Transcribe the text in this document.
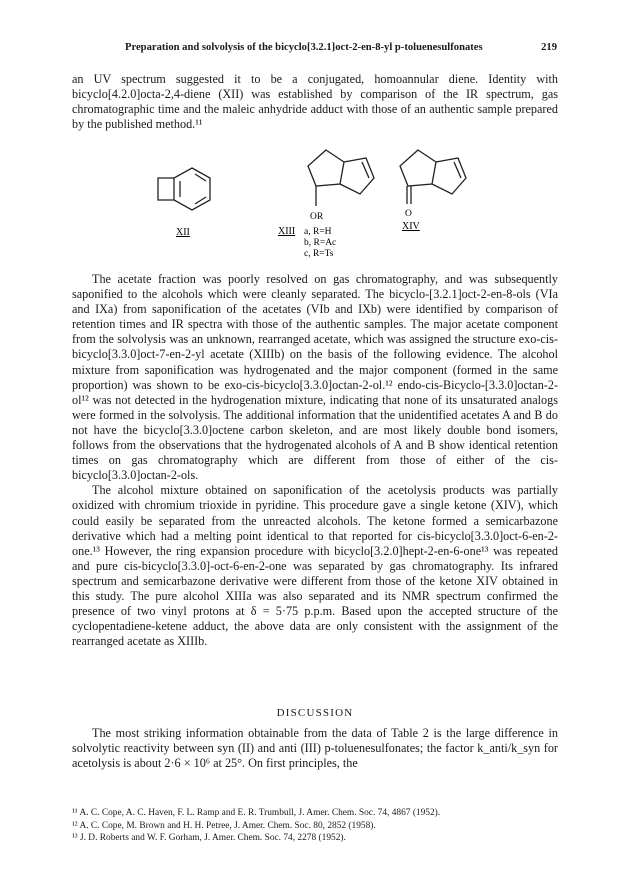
Preparation and solvolysis of the bicyclo[3.2.1]oct-2-en-8-yl p-toluenesulfonates	219

an UV spectrum suggested it to be a conjugated, homoannular diene. Identity with bicyclo[4.2.0]octa-2,4-diene (XII) was established by comparison of the IR spectrum, gas chromatographic time and the maleic anhydride adduct with those of an authentic sample prepared by the published method.¹¹

XII
OR
XIII a, R=H
b, R=Ac
c, R=Ts
O
XIV

The acetate fraction was poorly resolved on gas chromatography, and was subsequently saponified to the alcohols which were cleanly separated. The bicyclo-[3.2.1]oct-2-en-8-ols (VIa and IXa) from saponification of the acetates (VIb and IXb) were identified by comparison of retention times and IR spectra with those of the authentic samples. The major acetate component from the solvolysis was an unknown, rearranged acetate, which was assigned the structure exo-cis-bicyclo[3.3.0]oct-7-en-2-yl acetate (XIIIb) on the basis of the following evidence. The alcohol mixture from saponification was hydrogenated and the major component (formed in the same proportion) was shown to be exo-cis-bicyclo[3.3.0]octan-2-ol.¹² endo-cis-Bicyclo-[3.3.0]octan-2-ol¹² was not detected in the hydrogenation mixture, indicating that none of its unsaturated analogs were formed in the solvolysis. The additional information that the unidentified acetates A and B do not have the bicyclo[3.3.0]octene carbon skeleton, and are most likely double bond isomers, follows from the observations that the hydrogenated alcohols of A and B show identical retention times on gas chromatography which are different from those of either of the cis-bicyclo[3.3.0]octan-2-ols.

The alcohol mixture obtained on saponification of the acetolysis products was partially oxidized with chromium trioxide in pyridine. This procedure gave a single ketone (XIV), which could easily be separated from the unreacted alcohols. The ketone formed a semicarbazone derivative which had a melting point identical to that reported for cis-bicyclo[3.3.0]oct-6-en-2-one.¹³ However, the ring expansion procedure with bicyclo[3.2.0]hept-2-en-6-one¹³ was repeated and pure cis-bicyclo[3.3.0]-oct-6-en-2-one was separated by gas chromatography. Its infrared spectrum and semicarbazone derivative were different from those of the ketone XIV obtained in this study. The pure alcohol XIIIa was also separated and its NMR spectrum confirmed the presence of two vinyl protons at δ = 5·75 p.p.m. Based upon the accepted structure of the cyclopentadiene-ketene adduct, the above data are only consistent with the assignment of the rearranged acetate as XIIIb.

DISCUSSION

The most striking information obtainable from the data of Table 2 is the large difference in solvolytic reactivity between syn (II) and anti (III) p-toluenesulfonates; the factor k_anti/k_syn for acetolysis is about 2·6 × 10⁶ at 25°. On first principles, the

¹¹ A. C. Cope, A. C. Haven, F. L. Ramp and E. R. Trumbull, J. Amer. Chem. Soc. 74, 4867 (1952).

¹² A. C. Cope, M. Brown and H. H. Petree, J. Amer. Chem. Soc. 80, 2852 (1958).

¹³ J. D. Roberts and W. F. Gorham, J. Amer. Chem. Soc. 74, 2278 (1952).
